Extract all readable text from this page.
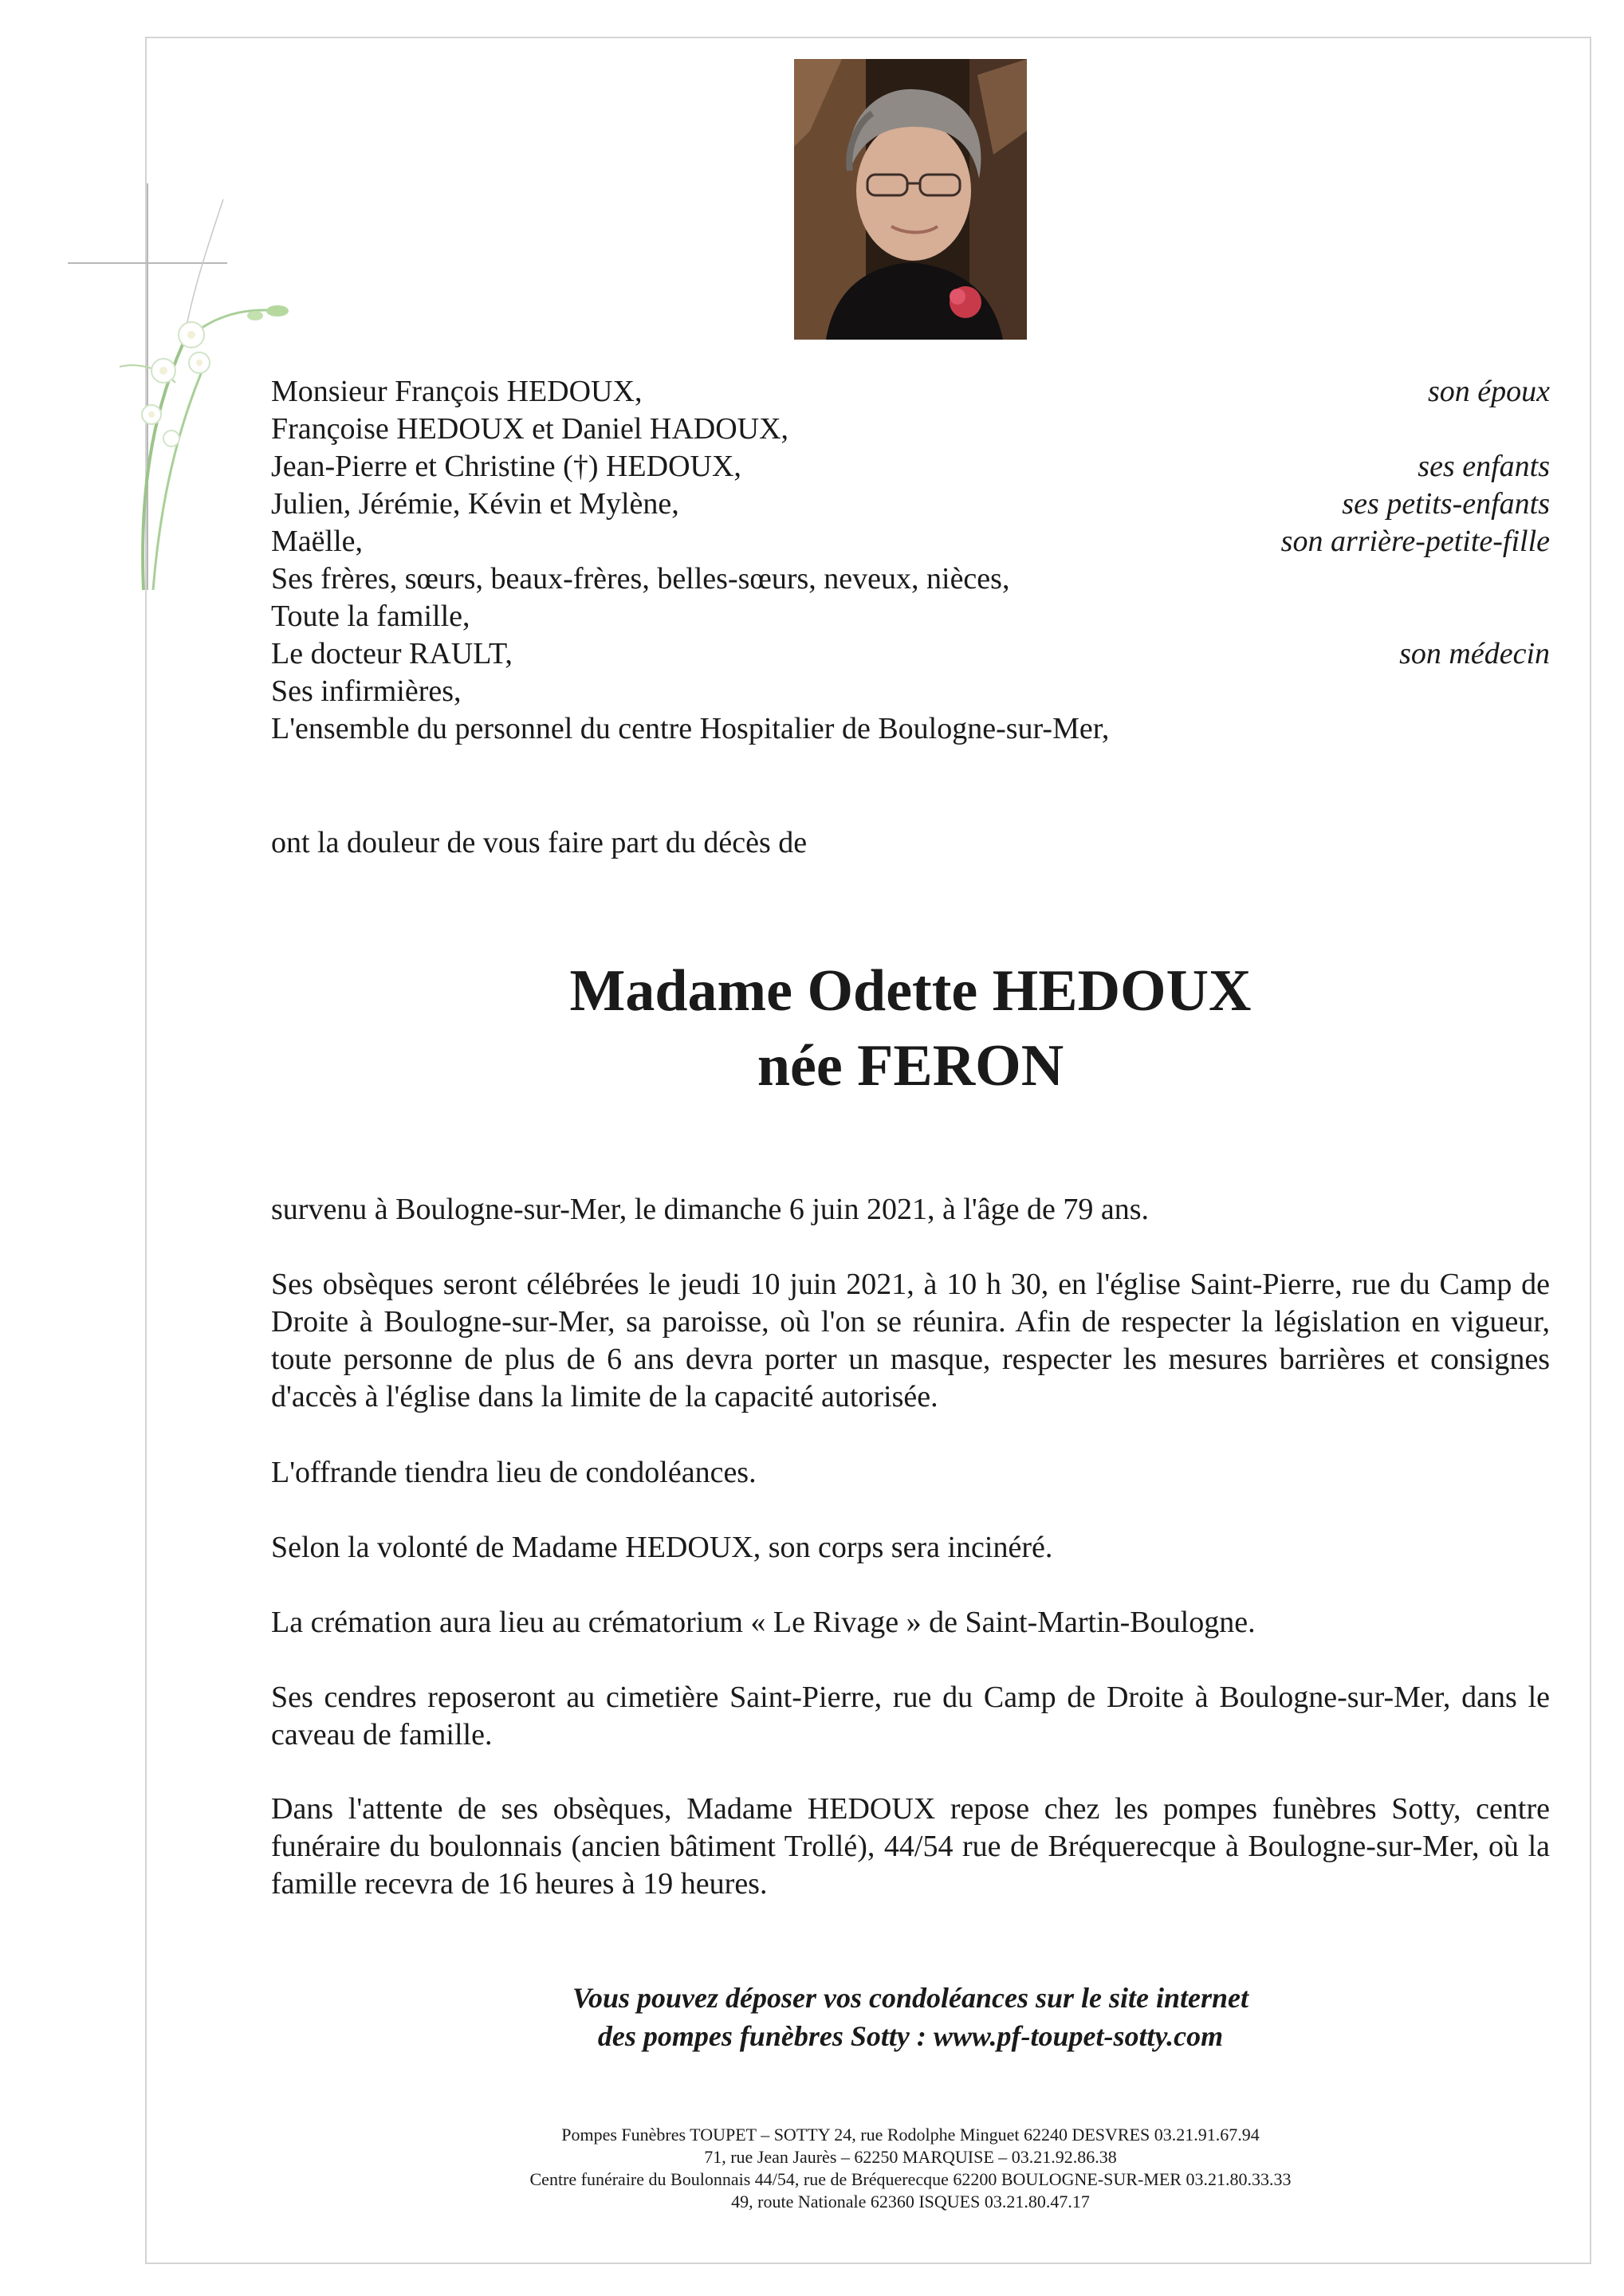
Monsieur François HEDOUX,	son époux
Françoise HEDOUX et Daniel HADOUX,
Jean-Pierre et Christine (†) HEDOUX,	ses enfants
Julien, Jérémie, Kévin et Mylène,	ses petits-enfants
Maëlle,	son arrière-petite-fille
Ses frères, sœurs, beaux-frères, belles-sœurs, neveux, nièces,
Toute la famille,
Le docteur RAULT,	son médecin
Ses infirmières,
L'ensemble du personnel du centre Hospitalier de Boulogne-sur-Mer,

ont la douleur de vous faire part du décès de

Madame Odette HEDOUX
née FERON

survenu à Boulogne-sur-Mer, le dimanche 6 juin 2021, à l'âge de 79 ans.

Ses obsèques seront célébrées le jeudi 10 juin 2021, à 10 h 30, en l'église Saint-Pierre, rue du Camp de Droite à Boulogne-sur-Mer, sa paroisse, où l'on se réunira. Afin de respecter la législation en vigueur, toute personne de plus de 6 ans devra porter un masque, respecter les mesures barrières et consignes d'accès à l'église dans la limite de la capacité autorisée.

L'offrande tiendra lieu de condoléances.

Selon la volonté de Madame HEDOUX, son corps sera incinéré.

La crémation aura lieu au crématorium « Le Rivage » de Saint-Martin-Boulogne.

Ses cendres reposeront au cimetière Saint-Pierre, rue du Camp de Droite à Boulogne-sur-Mer, dans le caveau de famille.

Dans l'attente de ses obsèques, Madame HEDOUX repose chez les pompes funèbres Sotty, centre funéraire du boulonnais (ancien bâtiment Trollé), 44/54 rue de Bréquerecque à Boulogne-sur-Mer, où la famille recevra de 16 heures à 19 heures.

Vous pouvez déposer vos condoléances sur le site internet
des pompes funèbres Sotty : www.pf-toupet-sotty.com
Pompes Funèbres TOUPET – SOTTY 24, rue Rodolphe Minguet 62240 DESVRES 03.21.91.67.94
71, rue Jean Jaurès – 62250 MARQUISE – 03.21.92.86.38
Centre funéraire du Boulonnais 44/54, rue de Bréquerecque 62200 BOULOGNE-SUR-MER 03.21.80.33.33
49, route Nationale 62360 ISQUES 03.21.80.47.17
